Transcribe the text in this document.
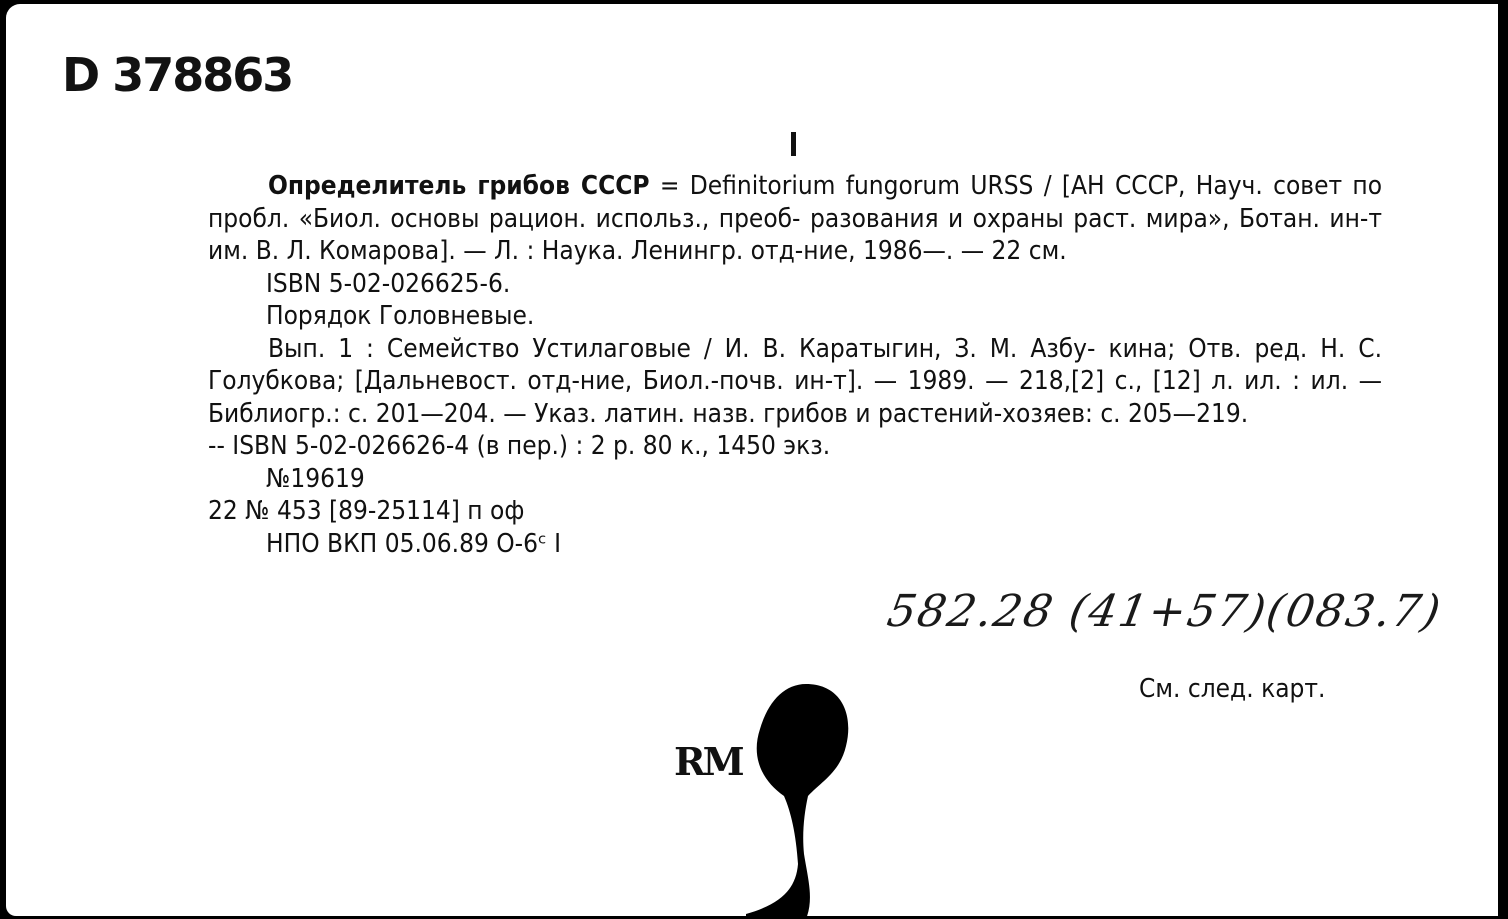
D 378863

Определитель грибов СССР = Definitorium fungorum URSS / [AH СССР, Науч. совет по пробл. «Биол. основы рацион. использ., преоб- разования и охраны раст. мира», Ботан. ин-т им. В. Л. Комарова]. — Л. : Наука. Ленингр. отд-ние, 1986—. — 22 см.

ISBN 5-02-026625-6.
Порядок Головневые.

Вып. 1 : Семейство Устилаговые / И. В. Каратыгин, З. М. Азбу- кина; Отв. ред. Н. С. Голубкова; [Дальневост. отд-ние, Биол.-почв. ин-т]. — 1989. — 218,[2] с., [12] л. ил. : ил. — Библиогр.: с. 201—204. — Указ. латин. назв. грибов и растений-хозяев: с. 205—219.

-- ISBN 5-02-026626-4 (в пер.) : 2 р. 80 к., 1450 экз.
№19619
22 № 453 [89-25114] п оф
НПО ВКП 05.06.89 О-6ᶜ I
582.28 (41+57)(083.7)
См. след. карт.
RM
